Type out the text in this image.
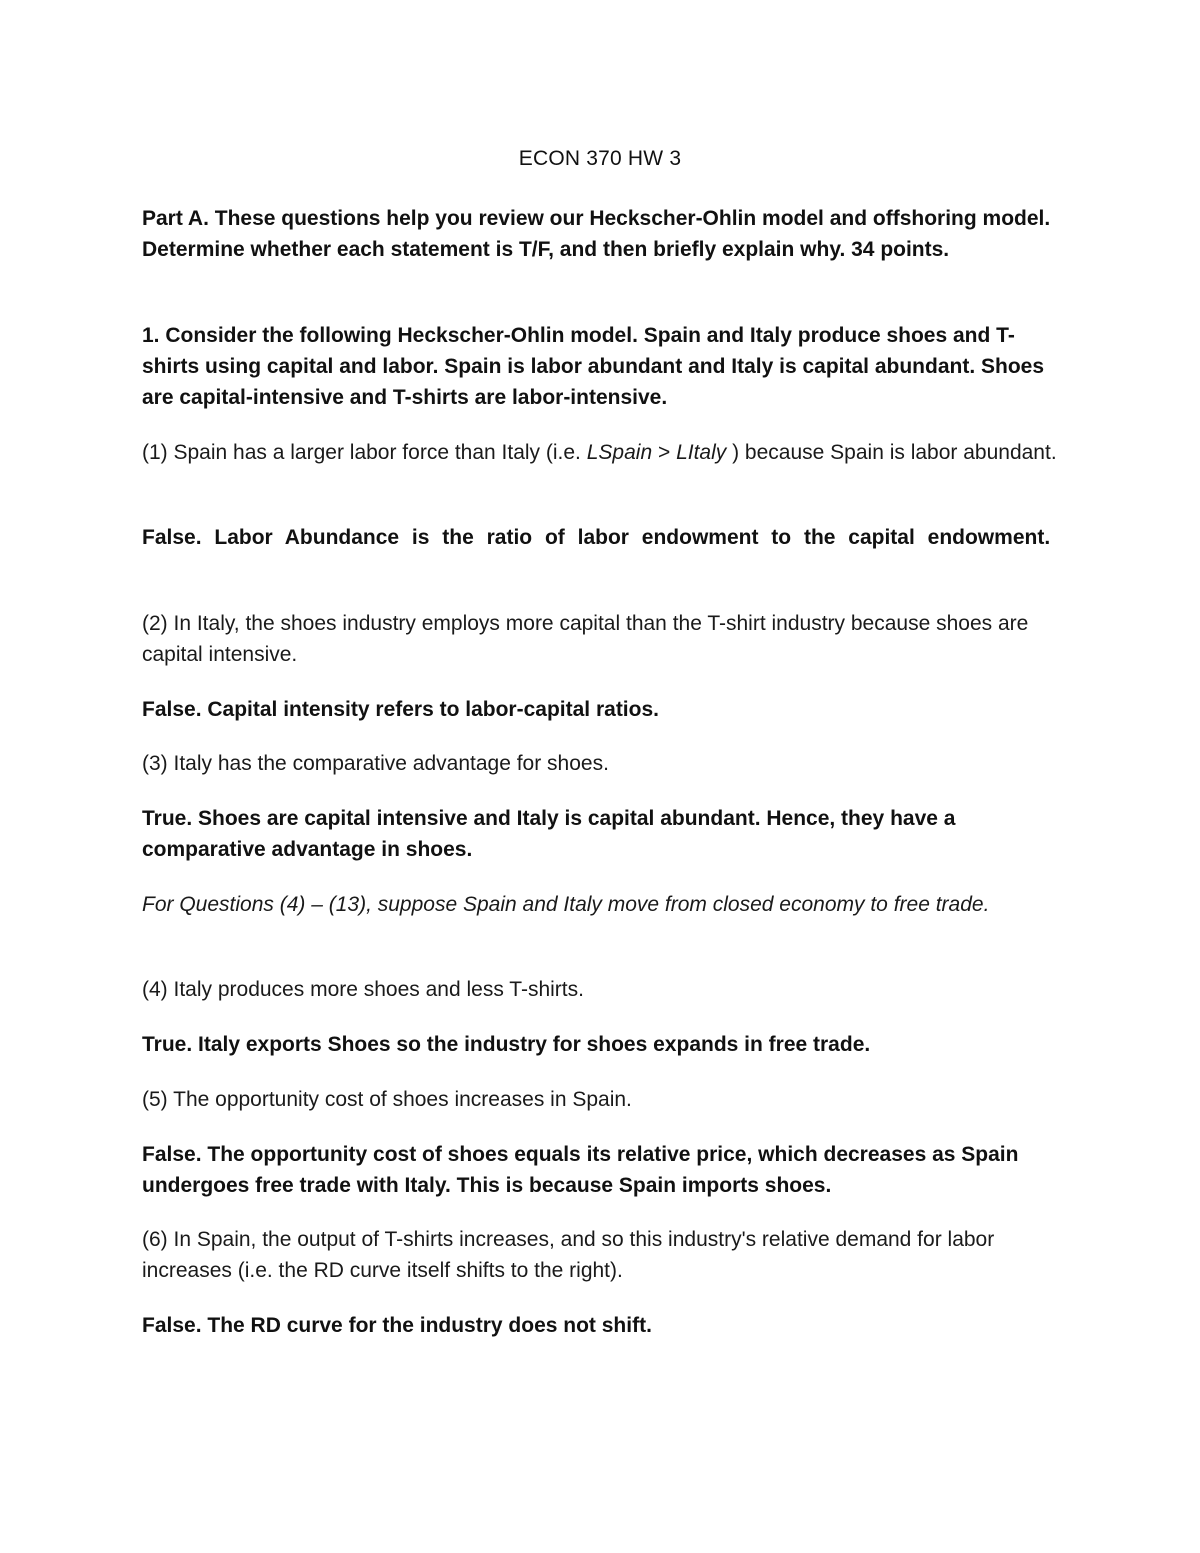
ECON 370 HW 3

Part A. These questions help you review our Heckscher-Ohlin model and offshoring model. Determine whether each statement is T/F, and then briefly explain why. 34 points.

1. Consider the following Heckscher-Ohlin model. Spain and Italy produce shoes and T- shirts using capital and labor. Spain is labor abundant and Italy is capital abundant. Shoes are capital-intensive and T-shirts are labor-intensive.

(1) Spain has a larger labor force than Italy (i.e. LSpain > LItaly ) because Spain is labor abundant.

False. Labor Abundance is the ratio of labor endowment to the capital endowment.

(2) In Italy, the shoes industry employs more capital than the T-shirt industry because shoes are capital intensive.

False. Capital intensity refers to labor-capital ratios.

(3) Italy has the comparative advantage for shoes.

True. Shoes are capital intensive and Italy is capital abundant. Hence, they have a comparative advantage in shoes.

For Questions (4) – (13), suppose Spain and Italy move from closed economy to free trade.

(4) Italy produces more shoes and less T-shirts.

True. Italy exports Shoes so the industry for shoes expands in free trade.

(5) The opportunity cost of shoes increases in Spain.

False. The opportunity cost of shoes equals its relative price, which decreases as Spain undergoes free trade with Italy. This is because Spain imports shoes.

(6) In Spain, the output of T-shirts increases, and so this industry's relative demand for labor increases (i.e. the RD curve itself shifts to the right).

False. The RD curve for the industry does not shift.
